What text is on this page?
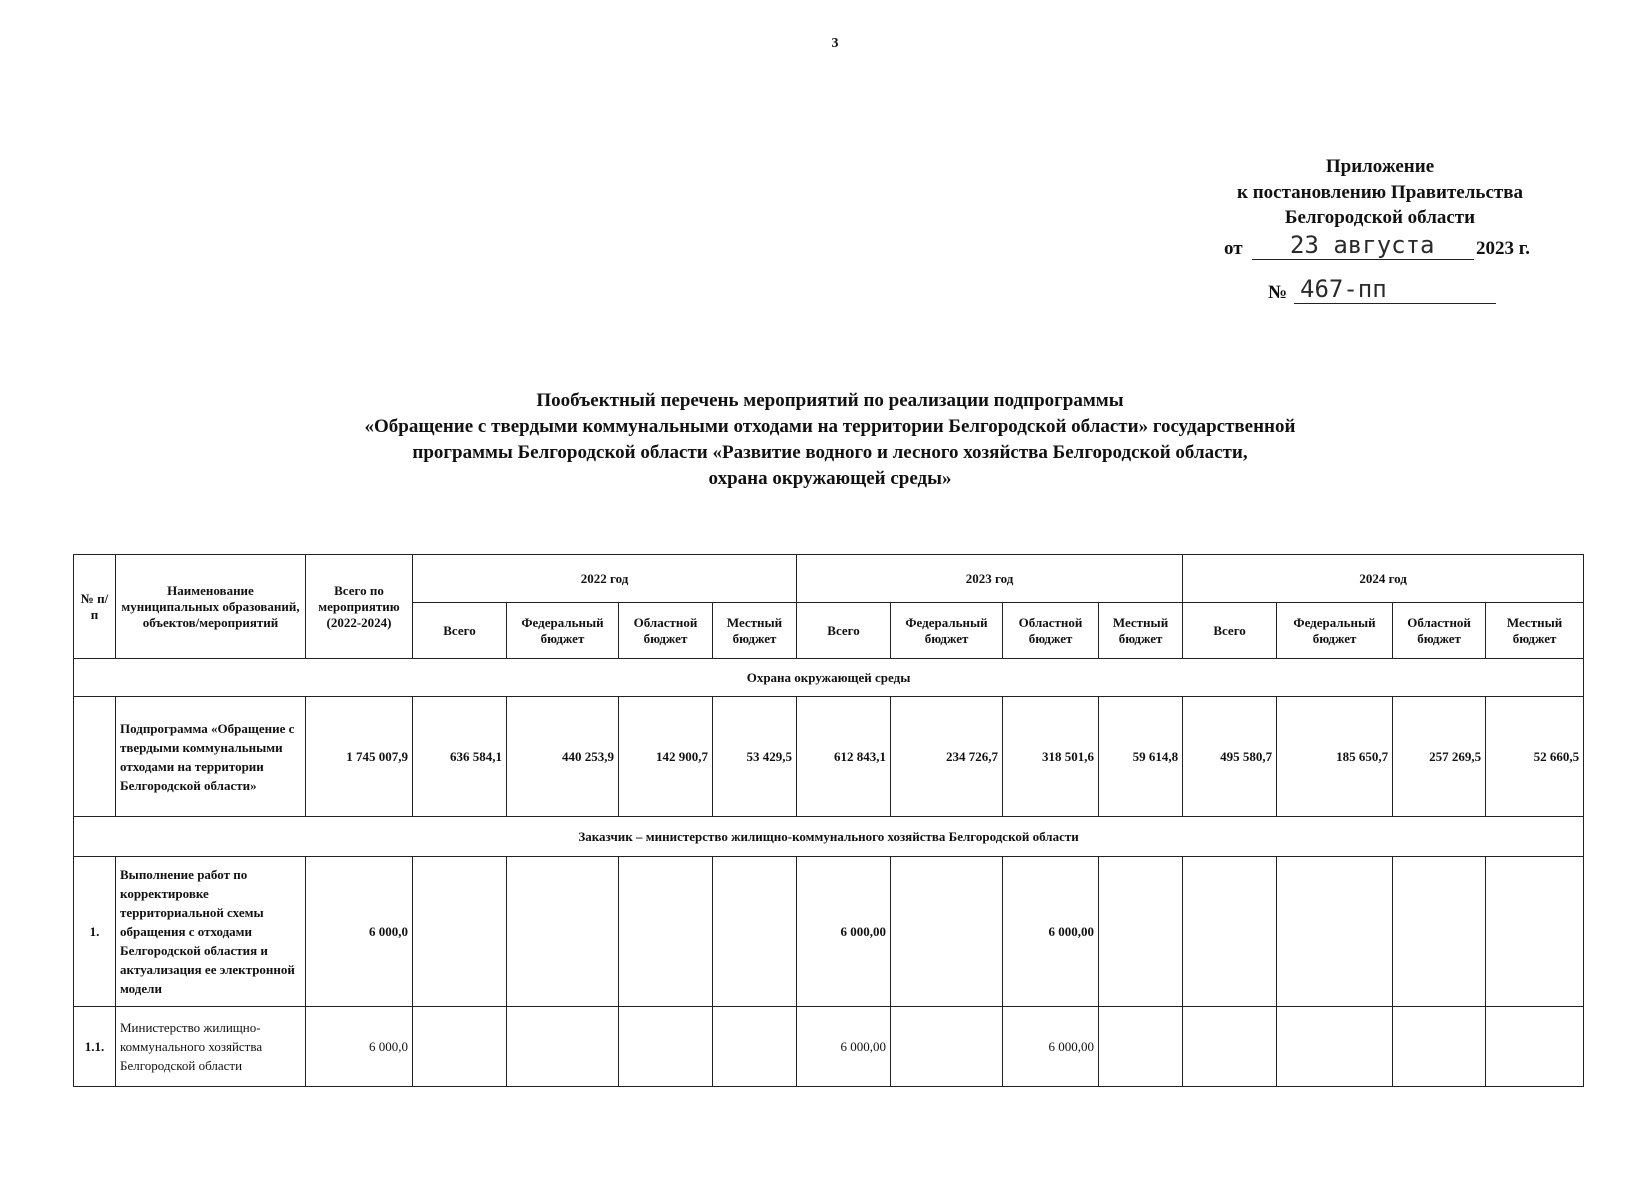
3
Приложение
к постановлению Правительства
Белгородской области
от 23 августа 2023 г.
№ 467-пп
Пообъектный перечень мероприятий по реализации подпрограммы
«Обращение с твердыми коммунальными отходами на территории Белгородской области» государственной
программы Белгородской области «Развитие водного и лесного хозяйства Белгородской области,
охрана окружающей среды»
№ п/п	Наименование муниципальных образований, объектов/мероприятий	Всего по мероприятию (2022-2024)	2022 год				2023 год				2024 год			
			Всего	Федеральный бюджет	Областной бюджет	Местный бюджет	Всего	Федеральный бюджет	Областной бюджет	Местный бюджет	Всего	Федеральный бюджет	Областной бюджет	Местный бюджет
Охрана окружающей среды														
	Подпрограмма «Обращение с твердыми коммунальными отходами на территории Белгородской области»	1 745 007,9	636 584,1	440 253,9	142 900,7	53 429,5	612 843,1	234 726,7	318 501,6	59 614,8	495 580,7	185 650,7	257 269,5	52 660,5
Заказчик – министерство жилищно-коммунального хозяйства Белгородской области														
1.	Выполнение работ по корректировке территориальной схемы обращения с отходами Белгородской областия и актуализация ее электронной модели	6 000,0					6 000,00		6 000,00					
1.1.	Министерство жилищно-коммунального хозяйства Белгородской области	6 000,0					6 000,00		6 000,00					
